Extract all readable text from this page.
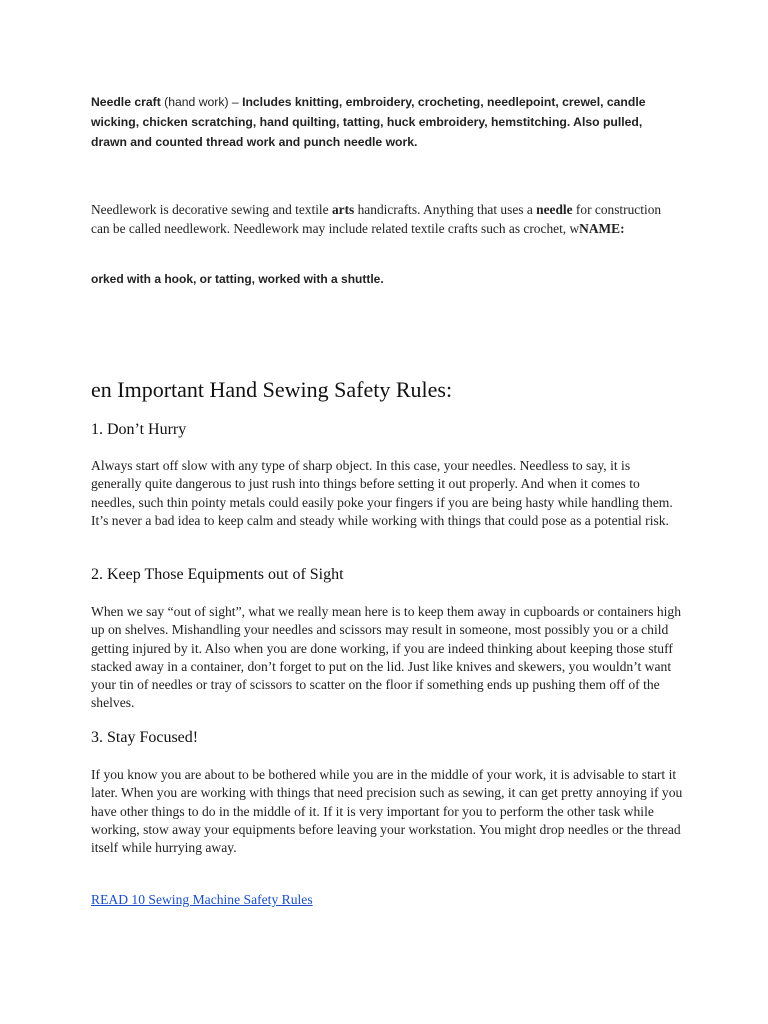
Needle craft (hand work) – Includes knitting, embroidery, crocheting, needlepoint, crewel, candle wicking, chicken scratching, hand quilting, tatting, huck embroidery, hemstitching. Also pulled, drawn and counted thread work and punch needle work.

Needlework is decorative sewing and textile arts handicrafts. Anything that uses a needle for construction can be called needlework. Needlework may include related textile crafts such as crochet, wNAME:

orked with a hook, or tatting, worked with a shuttle.

en Important Hand Sewing Safety Rules:
1. Don’t Hurry

Always start off slow with any type of sharp object. In this case, your needles. Needless to say, it is generally quite dangerous to just rush into things before setting it out properly. And when it comes to needles, such thin pointy metals could easily poke your fingers if you are being hasty while handling them. It’s never a bad idea to keep calm and steady while working with things that could pose as a potential risk.

2. Keep Those Equipments out of Sight

When we say “out of sight”, what we really mean here is to keep them away in cupboards or containers high up on shelves. Mishandling your needles and scissors may result in someone, most possibly you or a child getting injured by it. Also when you are done working, if you are indeed thinking about keeping those stuff stacked away in a container, don’t forget to put on the lid. Just like knives and skewers, you wouldn’t want your tin of needles or tray of scissors to scatter on the floor if something ends up pushing them off of the shelves.

3. Stay Focused!

If you know you are about to be bothered while you are in the middle of your work, it is advisable to start it later. When you are working with things that need precision such as sewing, it can get pretty annoying if you have other things to do in the middle of it. If it is very important for you to perform the other task while working, stow away your equipments before leaving your workstation. You might drop needles or the thread itself while hurrying away.

READ 10 Sewing Machine Safety Rules
